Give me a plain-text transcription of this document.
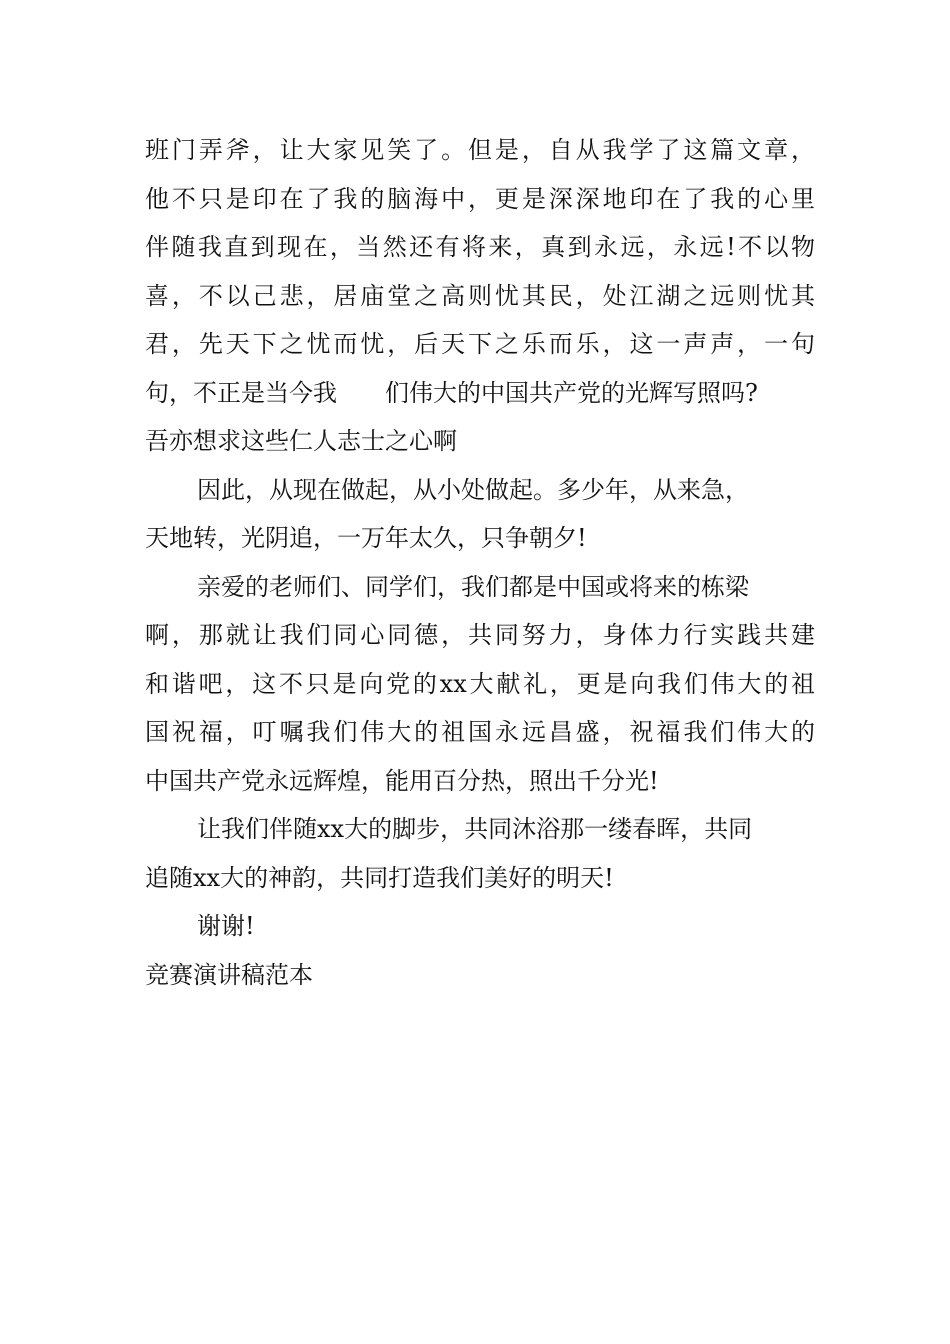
班门弄斧，让大家见笑了。但是，自从我学了这篇文章，
他不只是印在了我的脑海中，更是深深地印在了我的心里
伴随我直到现在，当然还有将来，真到永远，永远!不以物
喜，不以己悲，居庙堂之高则忧其民，处江湖之远则忧其
君，先天下之忧而忧，后天下之乐而乐，这一声声，一句
句，不正是当今我 们伟大的中国共产党的光辉写照吗?
吾亦想求这些仁人志士之心啊
因此，从现在做起，从小处做起。多少年，从来急，
天地转，光阴追，一万年太久，只争朝夕!
亲爱的老师们、同学们，我们都是中国或将来的栋梁
啊，那就让我们同心同德，共同努力，身体力行实践共建
和谐吧，这不只是向党的xx大献礼，更是向我们伟大的祖
国祝福，叮嘱我们伟大的祖国永远昌盛，祝福我们伟大的
中国共产党永远辉煌，能用百分热，照出千分光!
让我们伴随xx大的脚步，共同沐浴那一缕春晖，共同
追随xx大的神韵，共同打造我们美好的明天!
谢谢!
竞赛演讲稿范本
